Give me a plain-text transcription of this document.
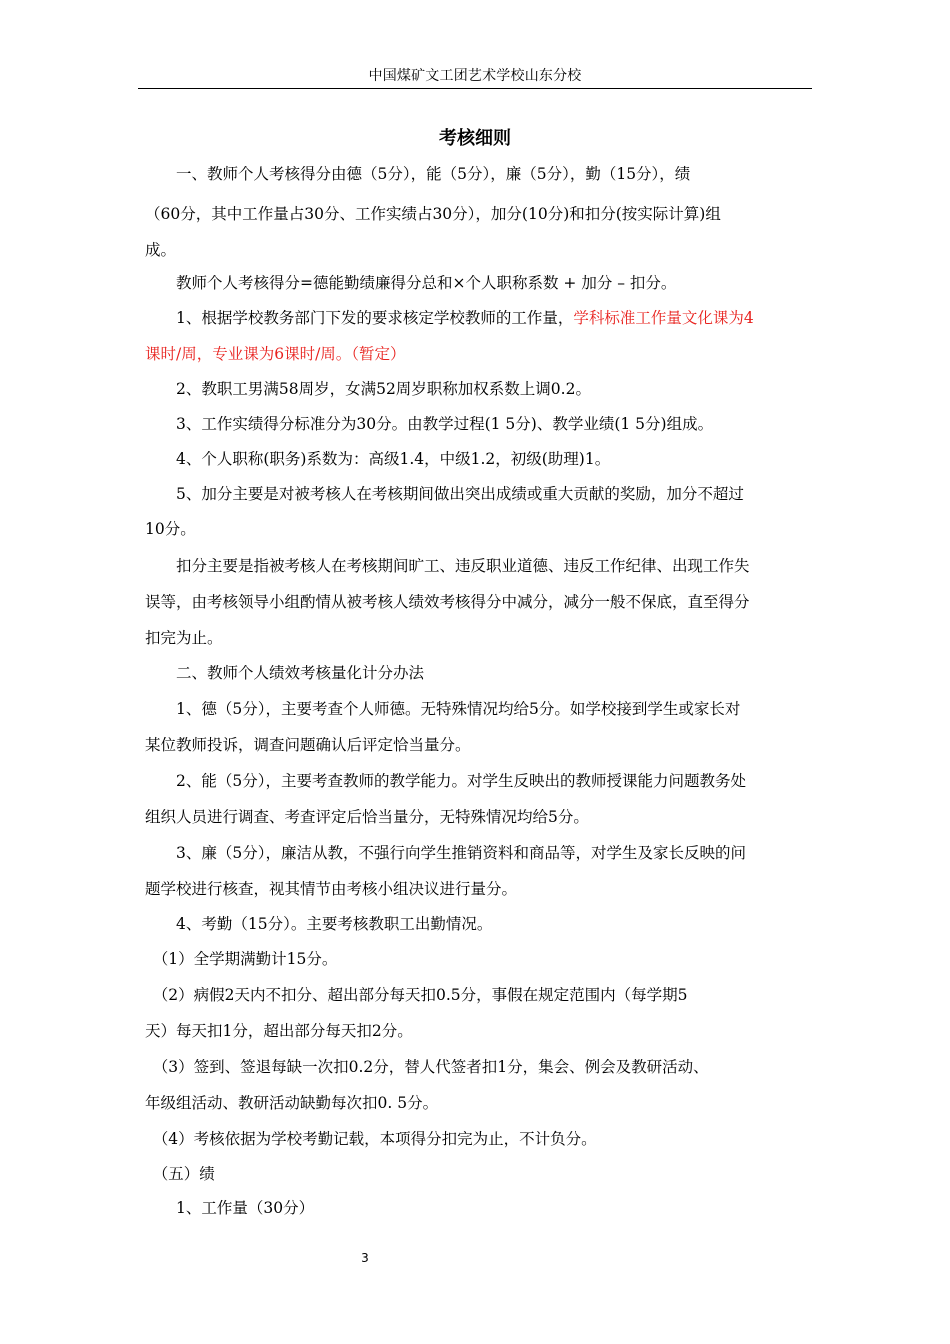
中国煤矿文工团艺术学校山东分校
考核细则
　　一、教师个人考核得分由德（5分），能（5分），廉（5分），勤（15分），绩
（60分，其中工作量占30分、工作实绩占30分），加分(10分)和扣分(按实际计算)组
成。
　　教师个人考核得分=德能勤绩廉得分总和×个人职称系数 + 加分 – 扣分。
　　1、根据学校教务部门下发的要求核定学校教师的工作量，学科标准工作量文化课为4
课时/周，专业课为6课时/周。（暂定）
　　2、教职工男满58周岁，女满52周岁职称加权系数上调0.2。
　　3、工作实绩得分标准分为30分。由教学过程(1 5分)、教学业绩(1 5分)组成。
　　4、个人职称(职务)系数为：高级1.4，中级1.2，初级(助理)1。
　　5、加分主要是对被考核人在考核期间做出突出成绩或重大贡献的奖励，加分不超过
10分。
　　扣分主要是指被考核人在考核期间旷工、违反职业道德、违反工作纪律、出现工作失
误等，由考核领导小组酌情从被考核人绩效考核得分中减分，减分一般不保底，直至得分
扣完为止。
　　二、教师个人绩效考核量化计分办法
　　1、德（5分），主要考查个人师德。无特殊情况均给5分。如学校接到学生或家长对
某位教师投诉，调查问题确认后评定恰当量分。
　　2、能（5分），主要考查教师的教学能力。对学生反映出的教师授课能力问题教务处
组织人员进行调查、考查评定后恰当量分，无特殊情况均给5分。
　　3、廉（5分），廉洁从教，不强行向学生推销资料和商品等，对学生及家长反映的问
题学校进行核查，视其情节由考核小组决议进行量分。
　　4、考勤（15分）。主要考核教职工出勤情况。
　（1）全学期满勤计15分。
　（2）病假2天内不扣分、超出部分每天扣0.5分，事假在规定范围内（每学期5
天）每天扣1分，超出部分每天扣2分。
　（3）签到、签退每缺一次扣0.2分，替人代签者扣1分，集会、例会及教研活动、
年级组活动、教研活动缺勤每次扣0. 5分。
　（4）考核依据为学校考勤记载，本项得分扣完为止，不计负分。
　（五）绩
　　1、工作量（30分）
3
